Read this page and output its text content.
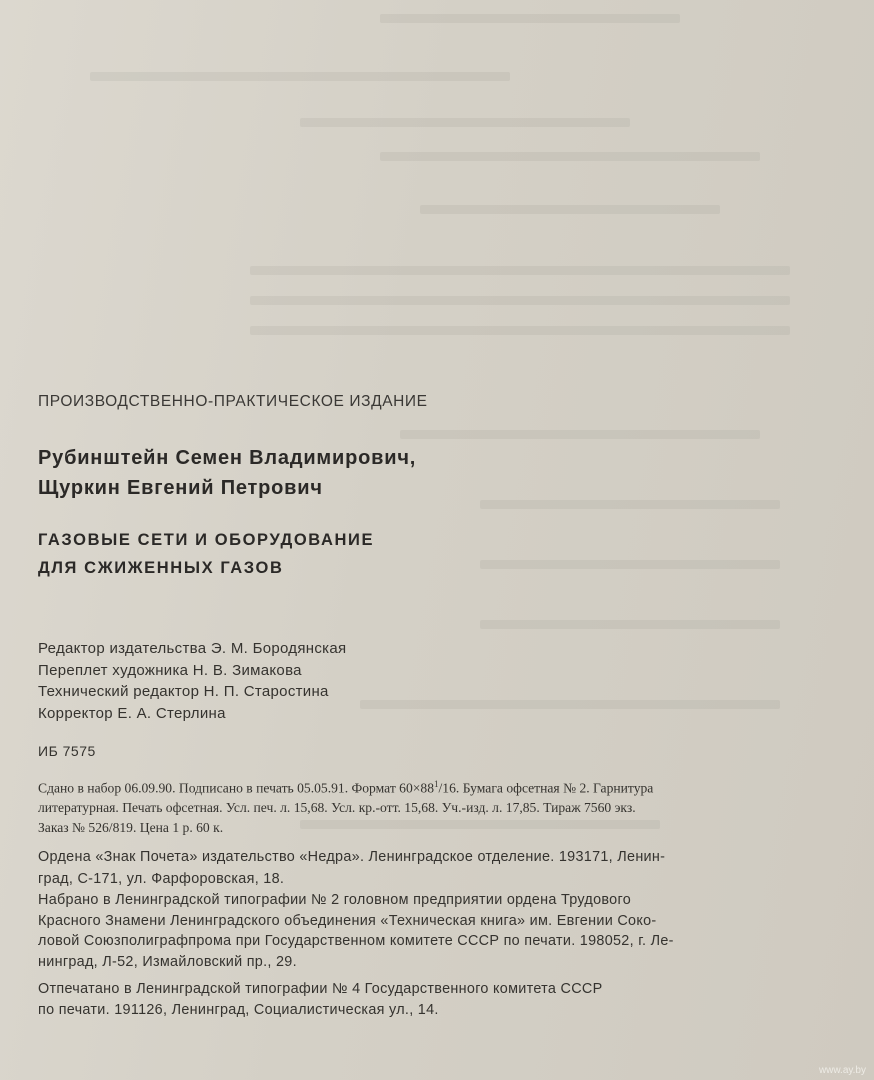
ПРОИЗВОДСТВЕННО-ПРАКТИЧЕСКОЕ ИЗДАНИЕ
Рубинштейн Семен Владимирович,
Щуркин Евгений Петрович
ГАЗОВЫЕ СЕТИ И ОБОРУДОВАНИЕ
ДЛЯ СЖИЖЕННЫХ ГАЗОВ
Редактор издательства Э. М. Бородянская
Переплет художника Н. В. Зимакова
Технический редактор Н. П. Старостина
Корректор Е. А. Стерлина
ИБ 7575
Сдано в набор 06.09.90. Подписано в печать 05.05.91. Формат $60\times 88^1/16$. Бумага офсетная № 2. Гарнитура
литературная. Печать офсетная. Усл. печ. л. 15,68. Усл. кр.-отт. 15,68. Уч.-изд. л. 17,85. Тираж 7560 экз.
Заказ № 526/819. Цена 1 р. 60 к.
Ордена «Знак Почета» издательство «Недра». Ленинградское отделение. 193171, Ленин-
град, С-171, ул. Фарфоровская, 18.
Набрано в Ленинградской типографии № 2 головном предприятии ордена Трудового
Красного Знамени Ленинградского объединения «Техническая книга» им. Евгении Соко-
ловой Союзполиграфпрома при Государственном комитете СССР по печати. 198052, г. Ле-
нинград, Л-52, Измайловский пр., 29.
Отпечатано в Ленинградской типографии № 4 Государственного комитета СССР
по печати. 191126, Ленинград, Социалистическая ул., 14.
www.ay.by
